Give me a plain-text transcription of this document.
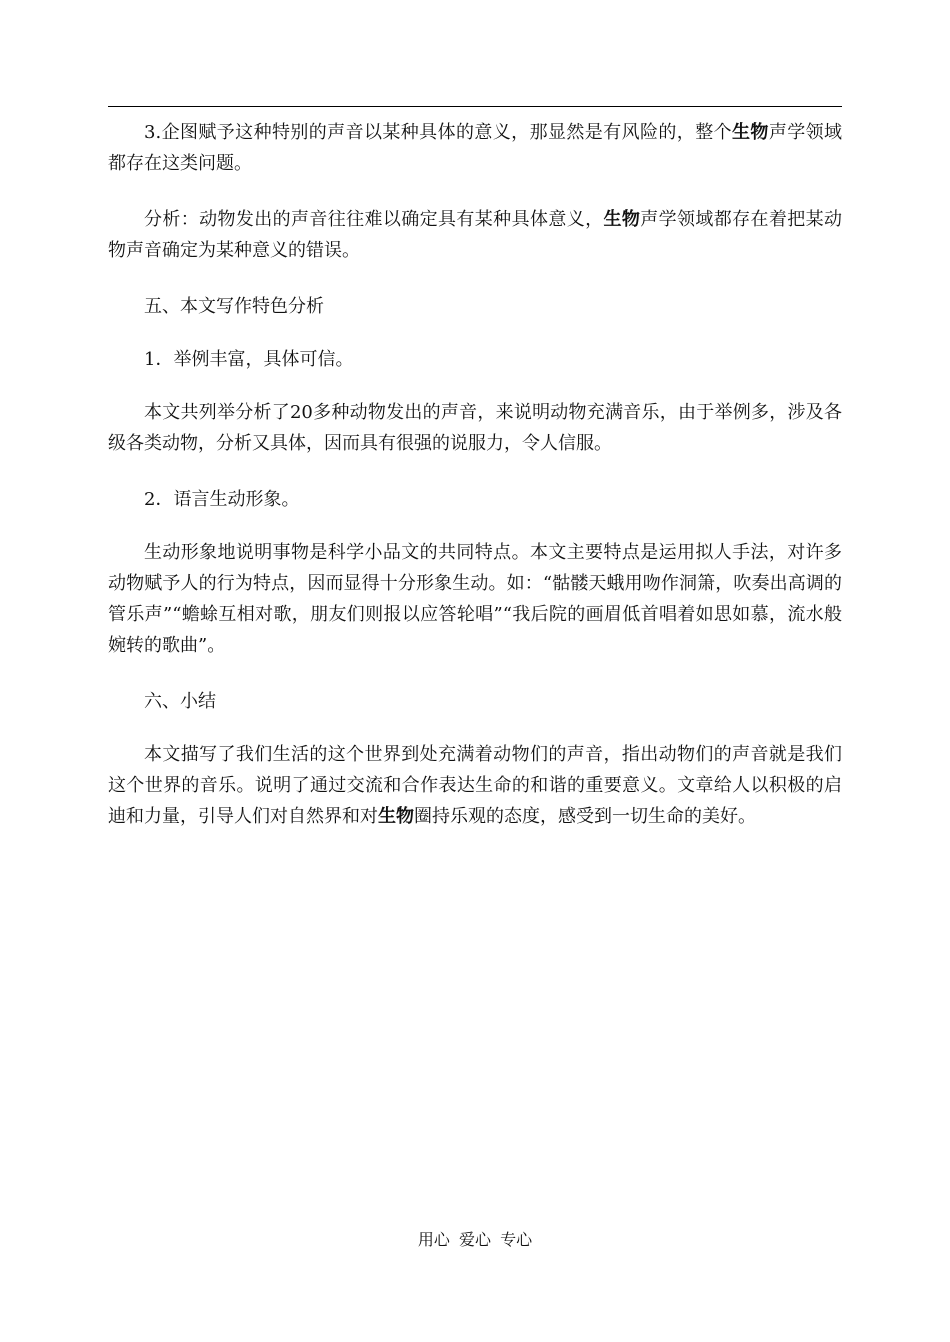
3.企图赋予这种特别的声音以某种具体的意义，那显然是有风险的，整个生物声学领域都存在这类问题。

分析：动物发出的声音往往难以确定具有某种具体意义，生物声学领域都存在着把某动物声音确定为某种意义的错误。

五、本文写作特色分析

1．举例丰富，具体可信。

本文共列举分析了20多种动物发出的声音，来说明动物充满音乐，由于举例多，涉及各级各类动物，分析又具体，因而具有很强的说服力，令人信服。

2．语言生动形象。

生动形象地说明事物是科学小品文的共同特点。本文主要特点是运用拟人手法，对许多动物赋予人的行为特点，因而显得十分形象生动。如：“骷髅天蛾用吻作洞箫，吹奏出高调的管乐声”“蟾蜍互相对歌，朋友们则报以应答轮唱”“我后院的画眉低首唱着如思如慕，流水般婉转的歌曲”。

六、小结

本文描写了我们生活的这个世界到处充满着动物们的声音，指出动物们的声音就是我们这个世界的音乐。说明了通过交流和合作表达生命的和谐的重要意义。文章给人以积极的启迪和力量，引导人们对自然界和对生物圈持乐观的态度，感受到一切生命的美好。

用心 爱心 专心
